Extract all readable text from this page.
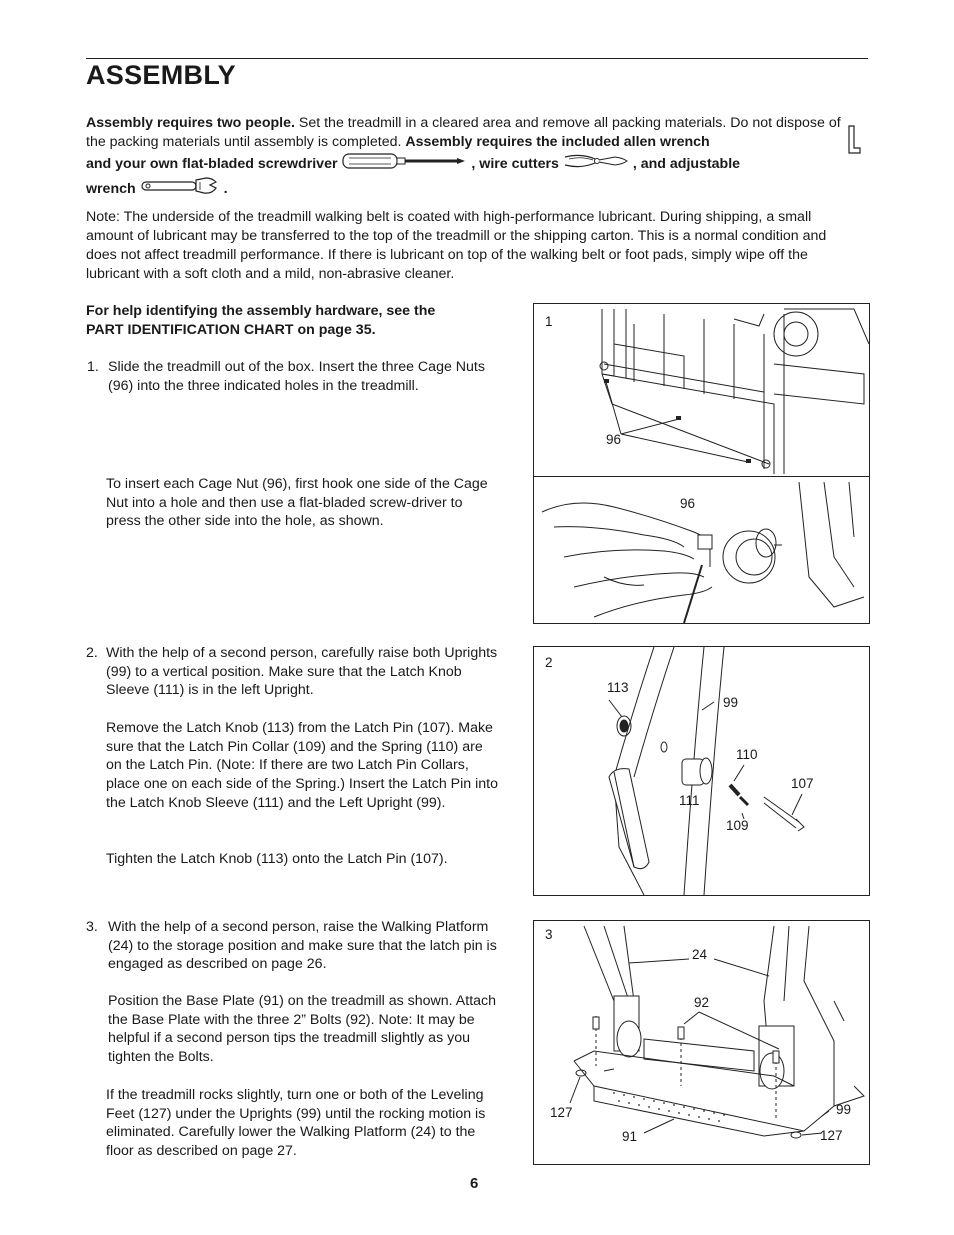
ASSEMBLY
Assembly requires two people. Set the treadmill in a cleared area and remove all packing materials. Do not dispose of the packing materials until assembly is completed. Assembly requires the included allen wrench
and your own flat-bladed screwdriver	, wire cutters	, and adjustable
wrench	.
Note: The underside of the treadmill walking belt is coated with high-performance lubricant. During shipping, a small amount of lubricant may be transferred to the top of the treadmill or the shipping carton. This is a normal condition and does not affect treadmill performance. If there is lubricant on top of the walking belt or foot pads, simply wipe off the lubricant with a soft cloth and a mild, non-abrasive cleaner.
For help identifying the assembly hardware, see the
PART IDENTIFICATION CHART on page 35.
1. Slide the treadmill out of the box. Insert the three Cage Nuts (96) into the three indicated holes in the treadmill.
To insert each Cage Nut (96), first hook one side of the Cage Nut into a hole and then use a flat-bladed screw-driver to press the other side into the hole, as shown.
2. With the help of a second person, carefully raise both Uprights (99) to a vertical position. Make sure that the Latch Knob Sleeve (111) is in the left Upright.
Remove the Latch Knob (113) from the Latch Pin (107). Make sure that the Latch Pin Collar (109) and the Spring (110) are on the Latch Pin. (Note: If there are two Latch Pin Collars, place one on each side of the Spring.) Insert the Latch Pin into the Latch Knob Sleeve (111) and the Left Upright (99).
Tighten the Latch Knob (113) onto the Latch Pin (107).
3. With the help of a second person, raise the Walking Platform (24) to the storage position and make sure that the latch pin is engaged as described on page 26.
Position the Base Plate (91) on the treadmill as shown. Attach the Base Plate with the three 2” Bolts (92). Note: It may be helpful if a second person tips the treadmill slightly as you tighten the Bolts.
If the treadmill rocks slightly, turn one or both of the Leveling Feet (127) under the Uprights (99) until the rocking motion is eliminated. Carefully lower the Walking Platform (24) to the floor as described on page 27.
1
96
96
2
113
99
110
107
111
109
3
24
92
127	99
91	127
6
